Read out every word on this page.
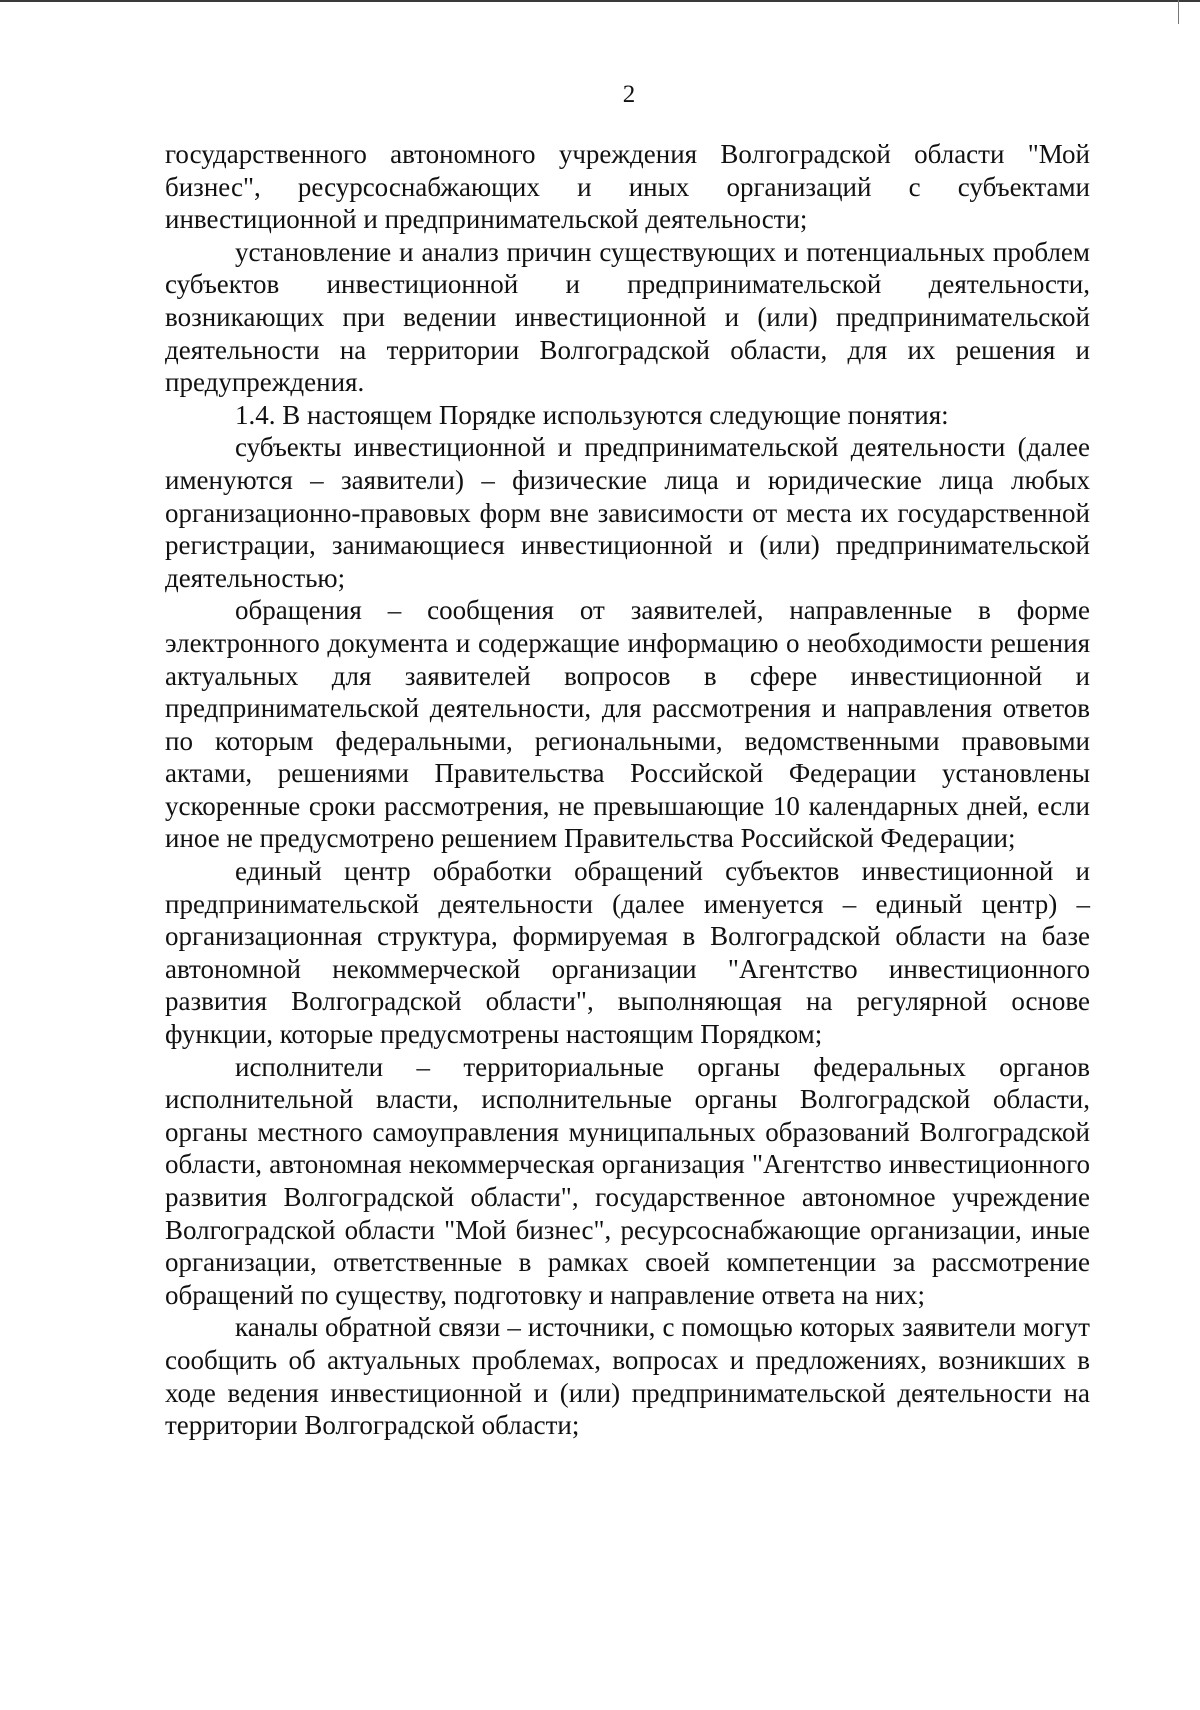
2

государственного автономного учреждения Волгоградской области "Мой бизнес", ресурсоснабжающих и иных организаций с субъектами инвестиционной и предпринимательской деятельности;

установление и анализ причин существующих и потенциальных проблем субъектов инвестиционной и предпринимательской деятельности, возникающих при ведении инвестиционной и (или) предпринимательской деятельности на территории Волгоградской области, для их решения и предупреждения.

1.4. В настоящем Порядке используются следующие понятия:

субъекты инвестиционной и предпринимательской деятельности (далее именуются – заявители) – физические лица и юридические лица любых организационно-правовых форм вне зависимости от места их государственной регистрации, занимающиеся инвестиционной и (или) предпринимательской деятельностью;

обращения – сообщения от заявителей, направленные в форме электронного документа и содержащие информацию о необходимости решения актуальных для заявителей вопросов в сфере инвестиционной и предпринимательской деятельности, для рассмотрения и направления ответов по которым федеральными, региональными, ведомственными правовыми актами, решениями Правительства Российской Федерации установлены ускоренные сроки рассмотрения, не превышающие 10 календарных дней, если иное не предусмотрено решением Правительства Российской Федерации;

единый центр обработки обращений субъектов инвестиционной и предпринимательской деятельности (далее именуется – единый центр) – организационная структура, формируемая в Волгоградской области на базе автономной некоммерческой организации "Агентство инвестиционного развития Волгоградской области", выполняющая на регулярной основе функции, которые предусмотрены настоящим Порядком;

исполнители – территориальные органы федеральных органов исполнительной власти, исполнительные органы Волгоградской области, органы местного самоуправления муниципальных образований Волгоградской области, автономная некоммерческая организация "Агентство инвестиционного развития Волгоградской области", государственное автономное учреждение Волгоградской области "Мой бизнес", ресурсоснабжающие организации, иные организации, ответственные в рамках своей компетенции за рассмотрение обращений по существу, подготовку и направление ответа на них;

каналы обратной связи – источники, с помощью которых заявители могут сообщить об актуальных проблемах, вопросах и предложениях, возникших в ходе ведения инвестиционной и (или) предпринимательской деятельности на территории Волгоградской области;
